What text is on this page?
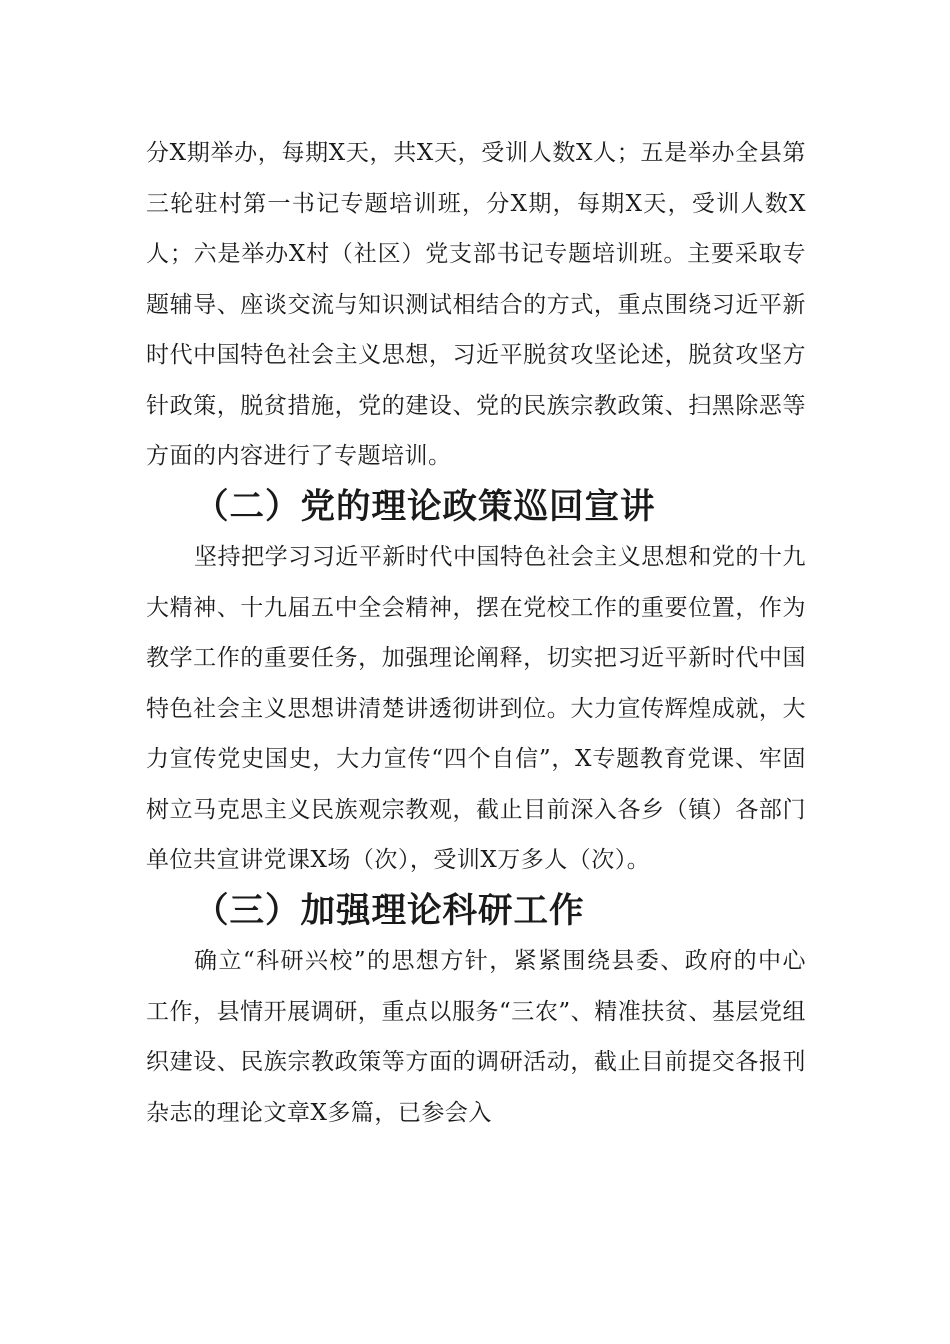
分X期举办，每期X天，共X天，受训人数X人；五是举办全县第三轮驻村第一书记专题培训班，分X期，每期X天，受训人数X人；六是举办X村（社区）党支部书记专题培训班。主要采取专题辅导、座谈交流与知识测试相结合的方式，重点围绕习近平新时代中国特色社会主义思想，习近平脱贫攻坚论述，脱贫攻坚方针政策，脱贫措施，党的建设、党的民族宗教政策、扫黑除恶等方面的内容进行了专题培训。

（二）党的理论政策巡回宣讲

坚持把学习习近平新时代中国特色社会主义思想和党的十九大精神、十九届五中全会精神，摆在党校工作的重要位置，作为教学工作的重要任务，加强理论阐释，切实把习近平新时代中国特色社会主义思想讲清楚讲透彻讲到位。大力宣传辉煌成就，大力宣传党史国史，大力宣传“四个自信”，X专题教育党课、牢固树立马克思主义民族观宗教观，截止目前深入各乡（镇）各部门单位共宣讲党课X场（次），受训X万多人（次）。

（三）加强理论科研工作

确立“科研兴校”的思想方针，紧紧围绕县委、政府的中心工作，县情开展调研，重点以服务“三农”、精准扶贫、基层党组织建设、民族宗教政策等方面的调研活动，截止目前提交各报刊杂志的理论文章X多篇，已参会入
